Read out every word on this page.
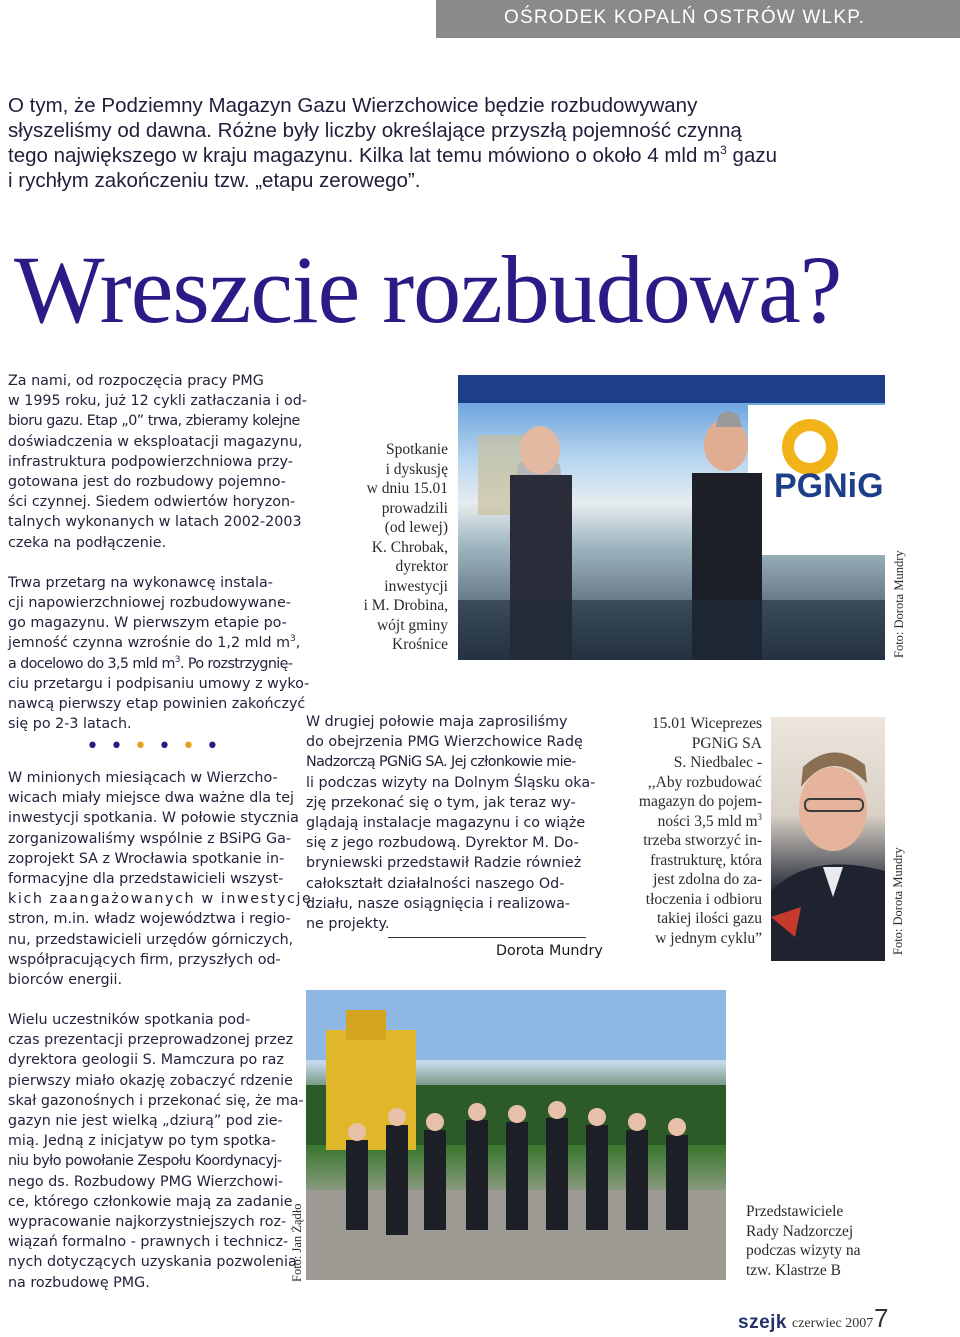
OŚRODEK KOPALŃ OSTRÓW WLKP.

O tym, że Podziemny Magazyn Gazu Wierzchowice będzie rozbudowywany

słyszeliśmy od dawna. Różne były liczby określające przyszłą pojemność czynną

tego największego w kraju magazynu. Kilka lat temu mówiono o około 4 mld $m^3$ gazu

i rychłym zakończeniu tzw. „etapu zerowego”.

Wreszcie rozbudowa?

Za nami, od rozpoczęcia pracy PMG

w 1995 roku, już 12 cykli zatłaczania i od-

bioru gazu. Etap „0” trwa, zbieramy kolejne

doświadczenia w eksploatacji magazynu,

infrastruktura podpowierzchniowa przy-

gotowana jest do rozbudowy pojemno-

ści czynnej. Siedem odwiertów horyzon-

talnych wykonanych w latach 2002-2003

czeka na podłączenie.

Trwa przetarg na wykonawcę instala-

cji napowierzchniowej rozbudowywane-

go magazynu. W pierwszym etapie po-

jemność czynna wzrośnie do 1,2 mld $m^3$,

a docelowo do 3,5 mld $m^3$. Po rozstrzygnię-

ciu przetargu i podpisaniu umowy z wyko-

nawcą pierwszy etap powinien zakończyć

się po 2-3 latach.

••••••

W minionych miesiącach w Wierzcho-

wicach miały miejsce dwa ważne dla tej

inwestycji spotkania. W połowie stycznia

zorganizowaliśmy wspólnie z BSiPG Ga-

zoprojekt SA z Wrocławia spotkanie in-

formacyjne dla przedstawicieli wszyst-

kich zaangażowanych w inwestycję

stron, m.in. władz województwa i regio-

nu, przedstawicieli urzędów górniczych,

współpracujących firm, przyszłych od-

biorców energii.

Wielu uczestników spotkania pod-

czas prezentacji przeprowadzonej przez

dyrektora geologii S. Mamczura po raz

pierwszy miało okazję zobaczyć rdzenie

skał gazonośnych i przekonać się, że ma-

gazyn nie jest wielką „dziurą” pod zie-

mią. Jedną z inicjatyw po tym spotka-

niu było powołanie Zespołu Koordynacyj-

nego ds. Rozbudowy PMG Wierzchowi-

ce, którego członkowie mają za zadanie

wypracowanie najkorzystniejszych roz-

wiązań formalno - prawnych i technicz-

nych dotyczących uzyskania pozwolenia

na rozbudowę PMG.

Spotkanie

i dyskusję

w dniu 15.01

prowadzili

(od lewej)

K. Chrobak,

dyrektor

inwestycji

i M. Drobina,

wójt gminy

Krośnice

PGNiG
Foto: Dorota Mundry

W drugiej połowie maja zaprosiliśmy

do obejrzenia PMG Wierzchowice Radę

Nadzorczą PGNiG SA. Jej członkowie mie-

li podczas wizyty na Dolnym Śląsku oka-

zję przekonać się o tym, jak teraz wy-

glądają instalacje magazynu i co wiąże

się z jego rozbudową. Dyrektor M. Do-

bryniewski przedstawił Radzie również

całokształt działalności naszego Od-

działu, nasze osiągnięcia i realizowa-

ne projekty.

Dorota Mundry

15.01 Wiceprezes

PGNiG SA

S. Niedbalec -

,,Aby rozbudować

magazyn do pojem-

ności 3,5 mld $m^3$

trzeba stworzyć in-

frastrukturę, która

jest zdolna do za-

tłoczenia i odbioru

takiej ilości gazu

w jednym cyklu”	Foto: Dorota Mundry
Foto: Jan Żądło	Przedstawiciele

Rady Nadzorczej

podczas wizyty na

tzw. Klastrze B

szejk czerwiec 2007 7
